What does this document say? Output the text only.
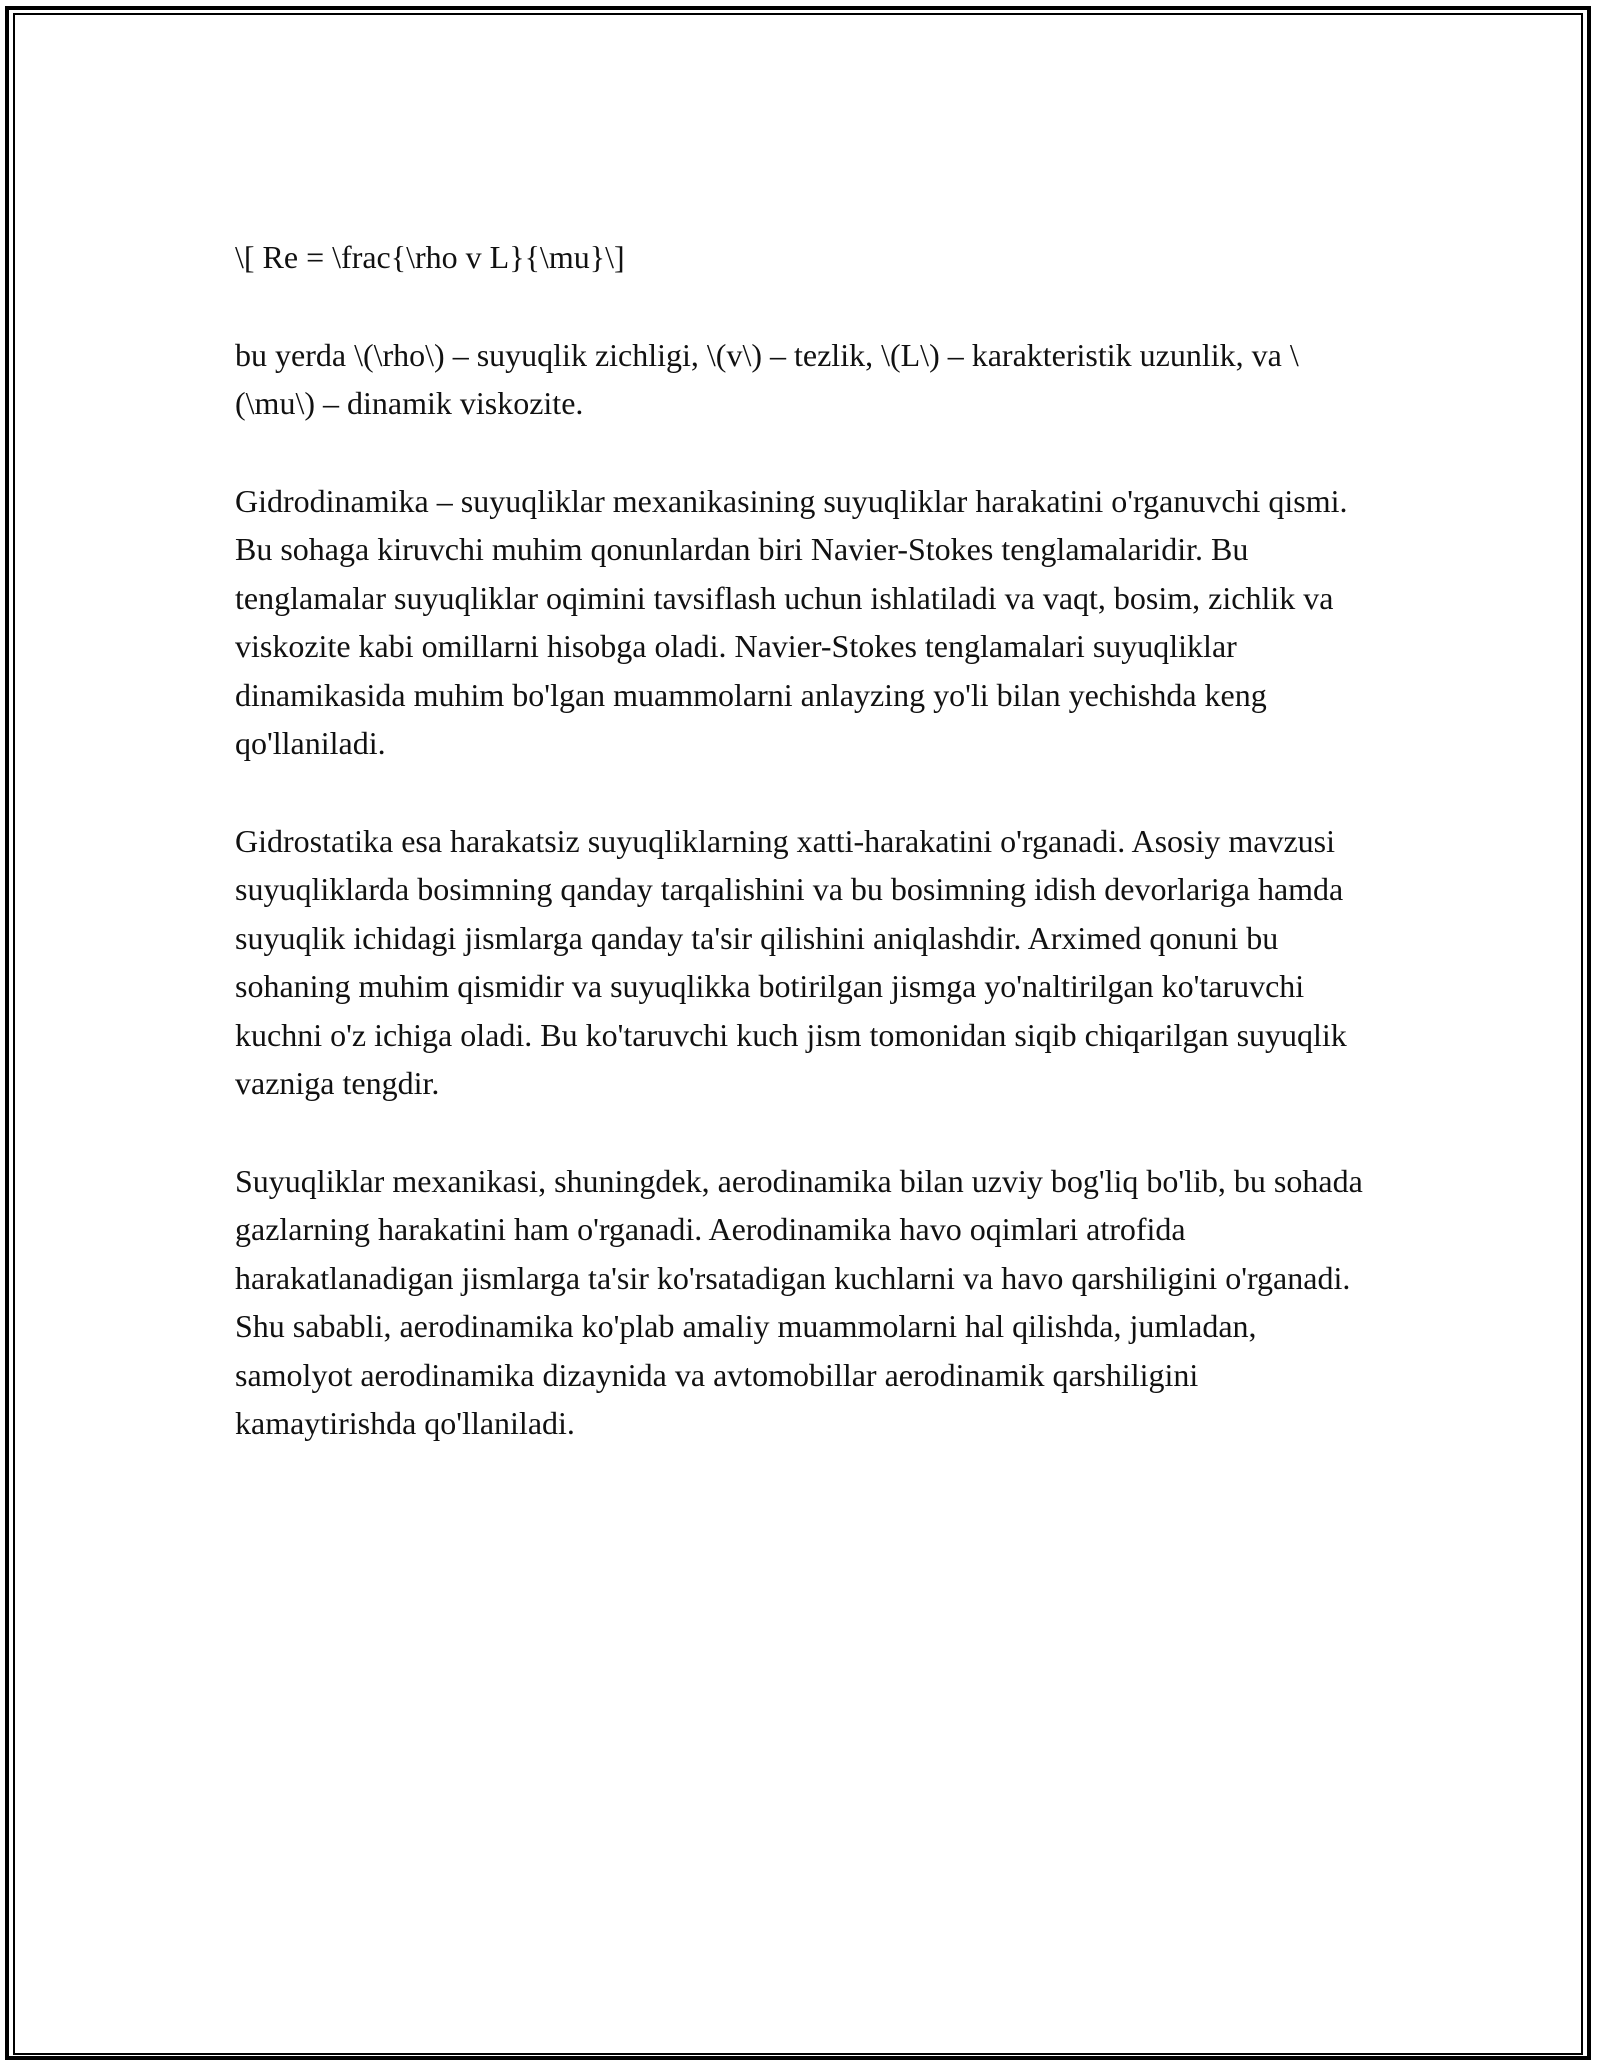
\[ Re = \frac{\rho v L}{\mu}\]

bu yerda \(\rho\) – suyuqlik zichligi, \(v\) – tezlik, \(L\) – karakteristik uzunlik, va \(\mu\) – dinamik viskozite.

Gidrodinamika – suyuqliklar mexanikasining suyuqliklar harakatini o'rganuvchi qismi. Bu sohaga kiruvchi muhim qonunlardan biri Navier-Stokes tenglamalaridir. Bu tenglamalar suyuqliklar oqimini tavsiflash uchun ishlatiladi va vaqt, bosim, zichlik va viskozite kabi omillarni hisobga oladi. Navier-Stokes tenglamalari suyuqliklar dinamikasida muhim bo'lgan muammolarni anlayzing yo'li bilan yechishda keng qo'llaniladi.

Gidrostatika esa harakatsiz suyuqliklarning xatti-harakatini o'rganadi. Asosiy mavzusi suyuqliklarda bosimning qanday tarqalishini va bu bosimning idish devorlariga hamda suyuqlik ichidagi jismlarga qanday ta'sir qilishini aniqlashdir. Arximed qonuni bu sohaning muhim qismidir va suyuqlikka botirilgan jismga yo'naltirilgan ko'taruvchi kuchni o'z ichiga oladi. Bu ko'taruvchi kuch jism tomonidan siqib chiqarilgan suyuqlik vazniga tengdir.

Suyuqliklar mexanikasi, shuningdek, aerodinamika bilan uzviy bog'liq bo'lib, bu sohada gazlarning harakatini ham o'rganadi. Aerodinamika havo oqimlari atrofida harakatlanadigan jismlarga ta'sir ko'rsatadigan kuchlarni va havo qarshiligini o'rganadi. Shu sababli, aerodinamika ko'plab amaliy muammolarni hal qilishda, jumladan, samolyot aerodinamika dizaynida va avtomobillar aerodinamik qarshiligini kamaytirishda qo'llaniladi.
